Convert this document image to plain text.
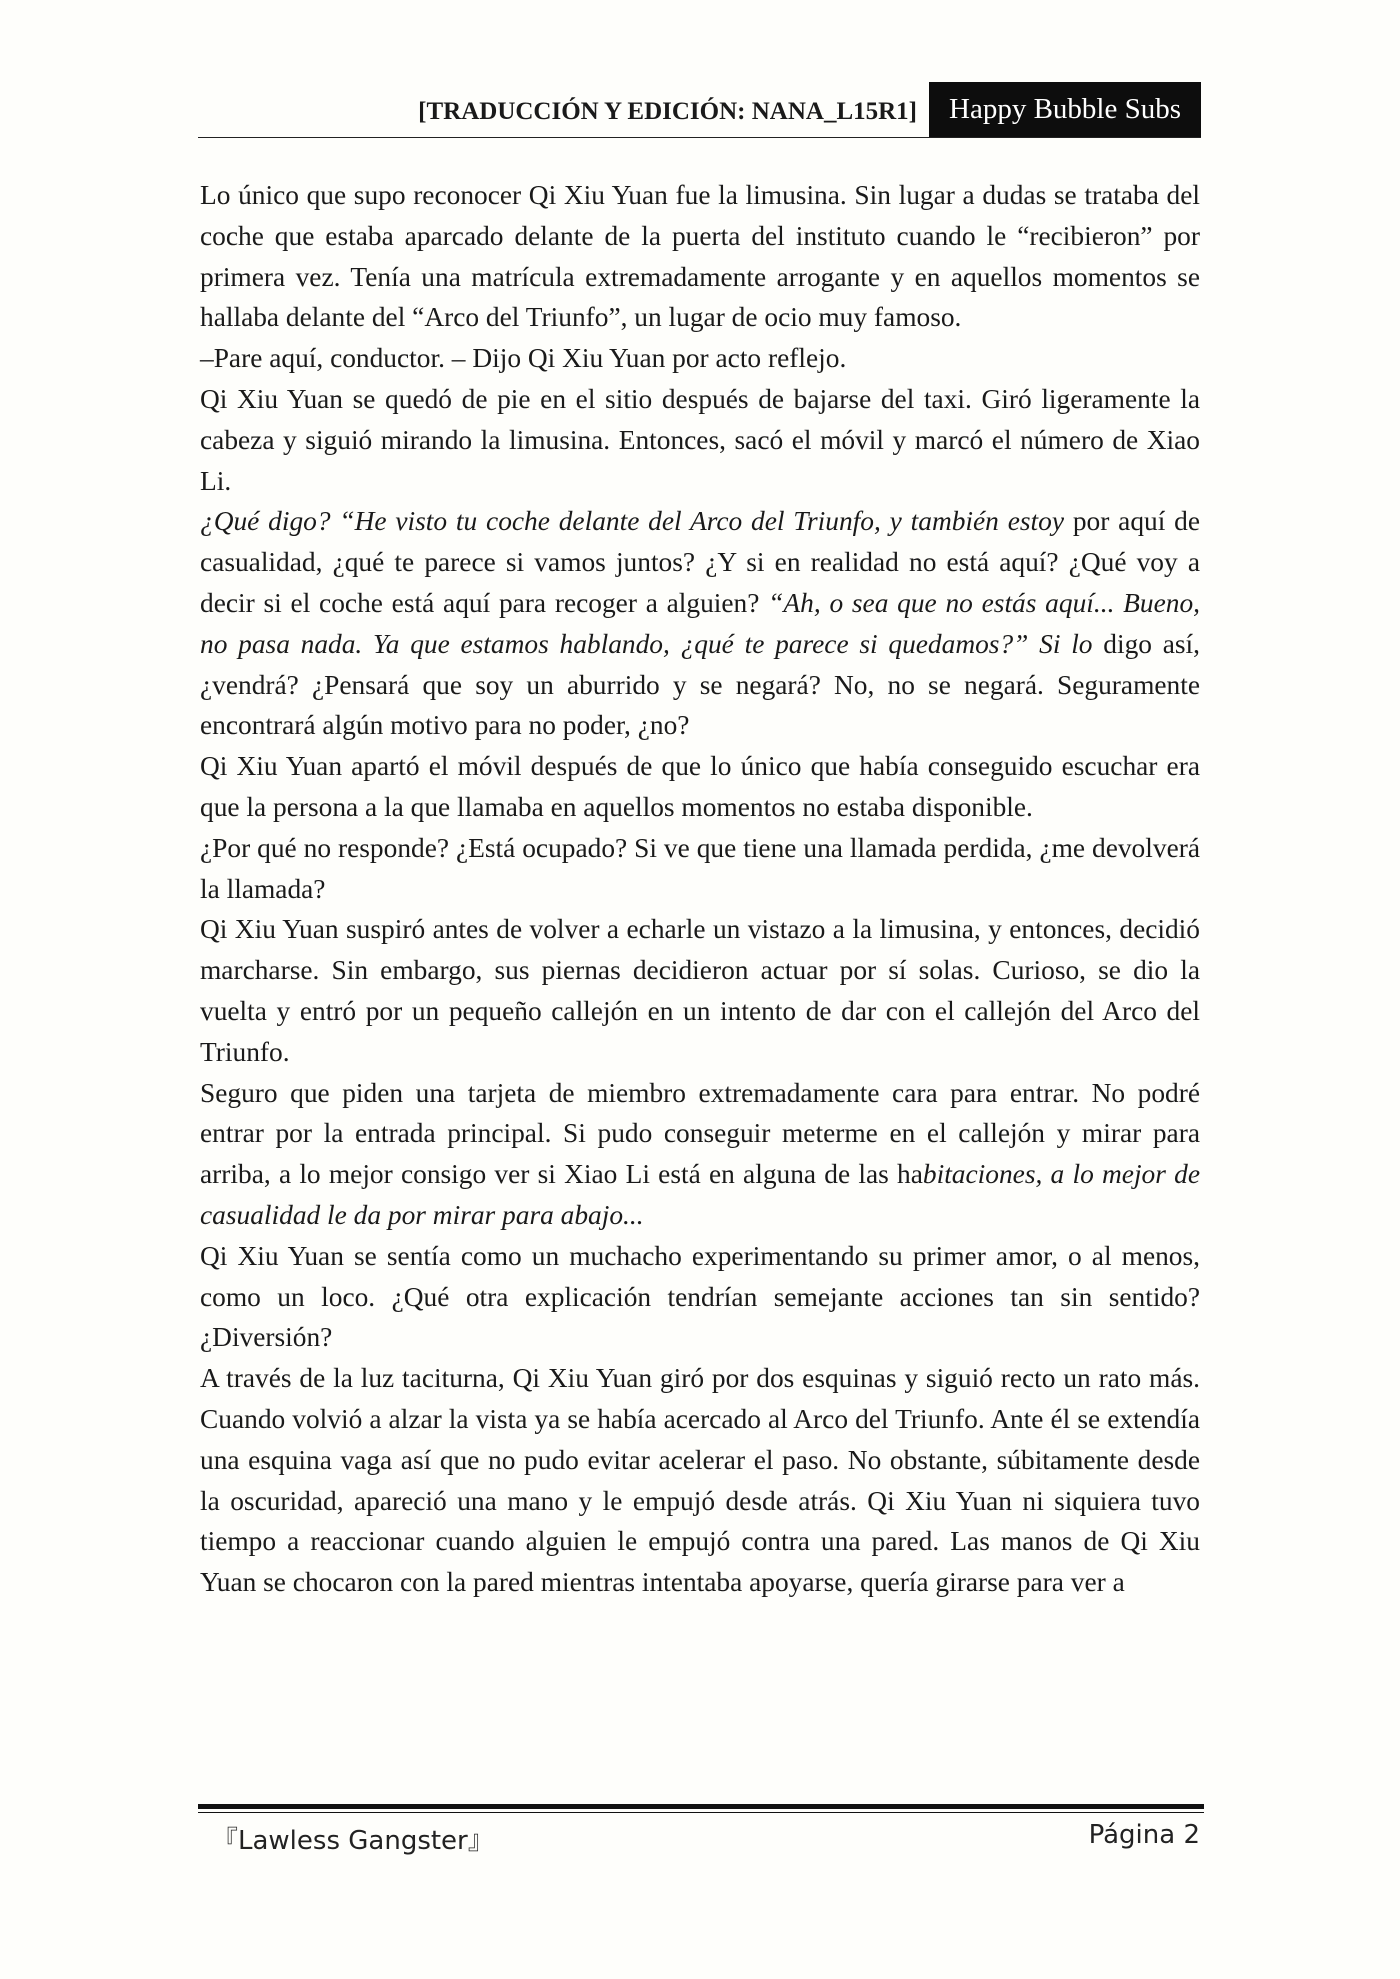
[TRADUCCIÓN Y EDICIÓN: NANA_L15R1]	Happy Bubble Subs

Lo único que supo reconocer Qi Xiu Yuan fue la limusina. Sin lugar a dudas se trataba del coche que estaba aparcado delante de la puerta del instituto cuando le “recibieron” por primera vez. Tenía una matrícula extremadamente arrogante y en aquellos momentos se hallaba delante del “Arco del Triunfo”, un lugar de ocio muy famoso.

–Pare aquí, conductor. – Dijo Qi Xiu Yuan por acto reflejo.

Qi Xiu Yuan se quedó de pie en el sitio después de bajarse del taxi. Giró ligeramente la cabeza y siguió mirando la limusina. Entonces, sacó el móvil y marcó el número de Xiao Li.

¿Qué digo? “He visto tu coche delante del Arco del Triunfo, y también estoy por aquí de casualidad, ¿qué te parece si vamos juntos? ¿Y si en realidad no está aquí? ¿Qué voy a decir si el coche está aquí para recoger a alguien? “Ah, o sea que no estás aquí... Bueno, no pasa nada. Ya que estamos hablando, ¿qué te parece si quedamos?” Si lo digo así, ¿vendrá? ¿Pensará que soy un aburrido y se negará? No, no se negará. Seguramente encontrará algún motivo para no poder, ¿no?

Qi Xiu Yuan apartó el móvil después de que lo único que había conseguido escuchar era que la persona a la que llamaba en aquellos momentos no estaba disponible.

¿Por qué no responde? ¿Está ocupado? Si ve que tiene una llamada perdida, ¿me devolverá la llamada?

Qi Xiu Yuan suspiró antes de volver a echarle un vistazo a la limusina, y entonces, decidió marcharse. Sin embargo, sus piernas decidieron actuar por sí solas. Curioso, se dio la vuelta y entró por un pequeño callejón en un intento de dar con el callejón del Arco del Triunfo.

Seguro que piden una tarjeta de miembro extremadamente cara para entrar. No podré entrar por la entrada principal. Si pudo conseguir meterme en el callejón y mirar para arriba, a lo mejor consigo ver si Xiao Li está en alguna de las habitaciones, a lo mejor de casualidad le da por mirar para abajo...

Qi Xiu Yuan se sentía como un muchacho experimentando su primer amor, o al menos, como un loco. ¿Qué otra explicación tendrían semejante acciones tan sin sentido? ¿Diversión?

A través de la luz taciturna, Qi Xiu Yuan giró por dos esquinas y siguió recto un rato más. Cuando volvió a alzar la vista ya se había acercado al Arco del Triunfo. Ante él se extendía una esquina vaga así que no pudo evitar acelerar el paso. No obstante, súbitamente desde la oscuridad, apareció una mano y le empujó desde atrás. Qi Xiu Yuan ni siquiera tuvo tiempo a reaccionar cuando alguien le empujó contra una pared. Las manos de Qi Xiu Yuan se chocaron con la pared mientras intentaba apoyarse, quería girarse para ver a

『Lawless Gangster』	Página 2
